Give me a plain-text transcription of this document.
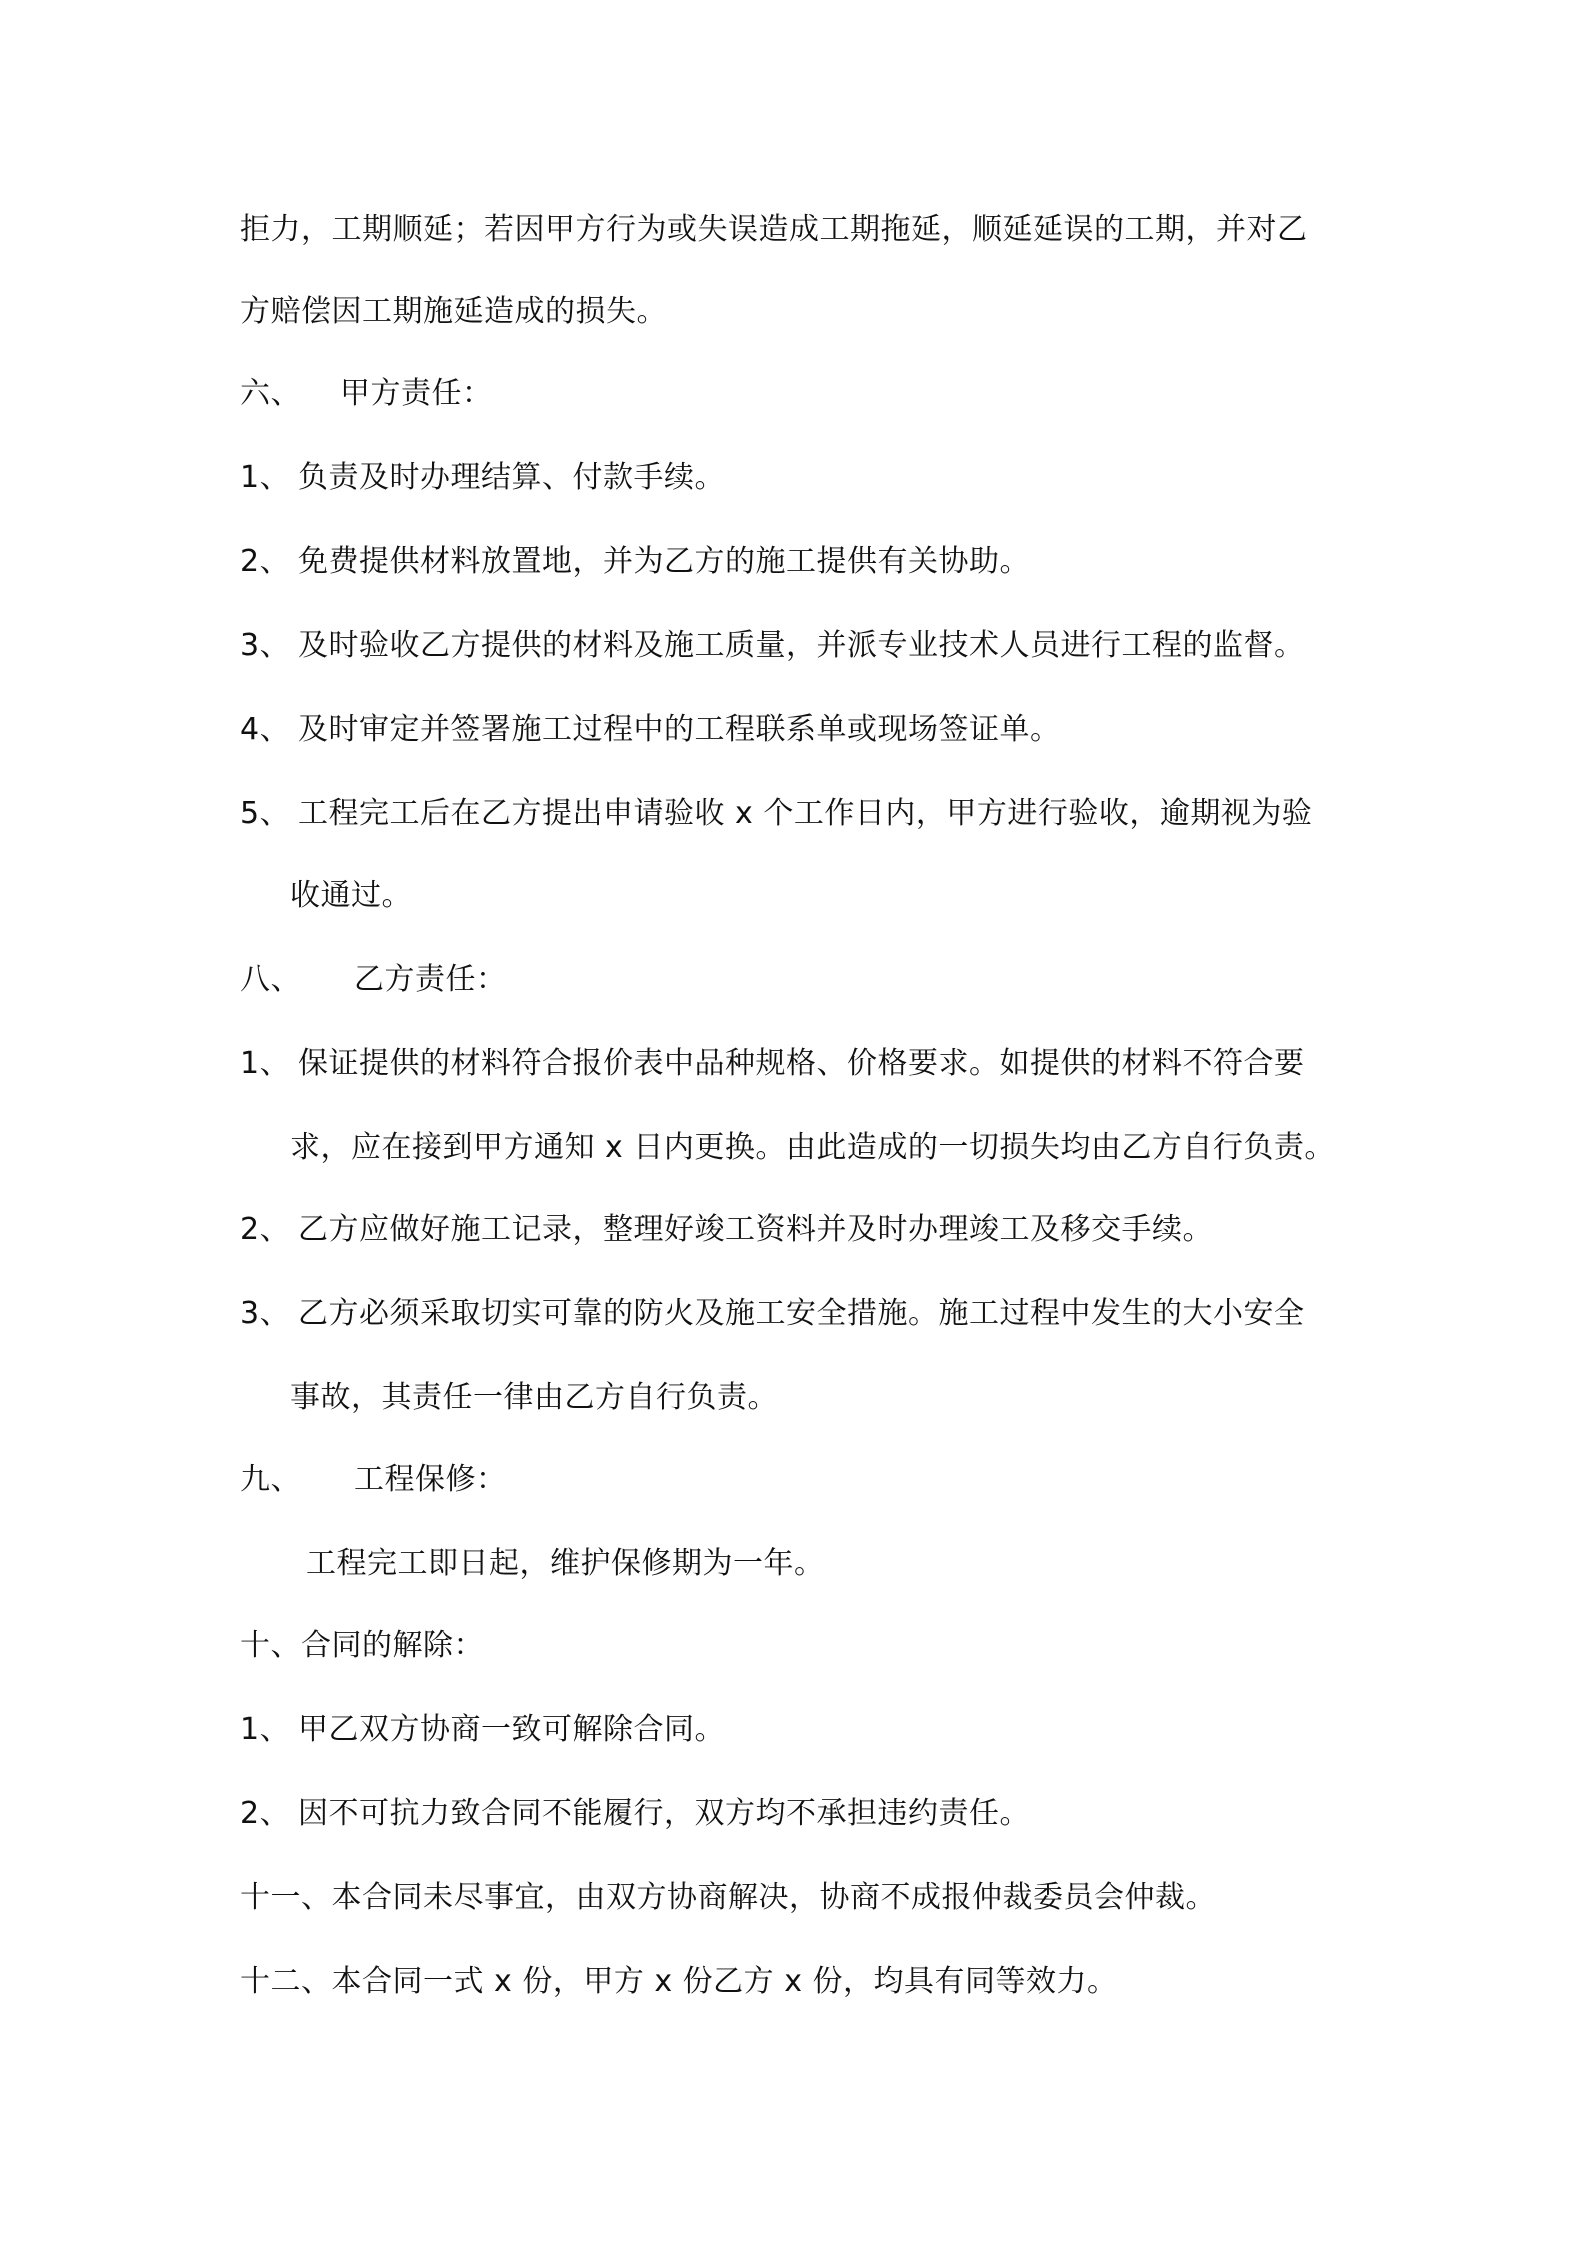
拒力，工期顺延；若因甲方行为或失误造成工期拖延，顺延延误的工期，并对乙
方赔偿因工期施延造成的损失。
六、 甲方责任：
1、 负责及时办理结算、付款手续。
2、 免费提供材料放置地，并为乙方的施工提供有关协助。
3、 及时验收乙方提供的材料及施工质量，并派专业技术人员进行工程的监督。
4、 及时审定并签署施工过程中的工程联系单或现场签证单。
5、 工程完工后在乙方提出申请验收 x 个工作日内，甲方进行验收，逾期视为验
收通过。
八、 乙方责任：
1、 保证提供的材料符合报价表中品种规格、价格要求。如提供的材料不符合要
求，应在接到甲方通知 x 日内更换。由此造成的一切损失均由乙方自行负责。
2、 乙方应做好施工记录，整理好竣工资料并及时办理竣工及移交手续。
3、 乙方必须采取切实可靠的防火及施工安全措施。施工过程中发生的大小安全
事故，其责任一律由乙方自行负责。
九、 工程保修：
工程完工即日起，维护保修期为一年。
十、合同的解除：
1、 甲乙双方协商一致可解除合同。
2、 因不可抗力致合同不能履行，双方均不承担违约责任。
十一、本合同未尽事宜，由双方协商解决，协商不成报仲裁委员会仲裁。
十二、本合同一式 x 份，甲方 x 份乙方 x 份，均具有同等效力。
